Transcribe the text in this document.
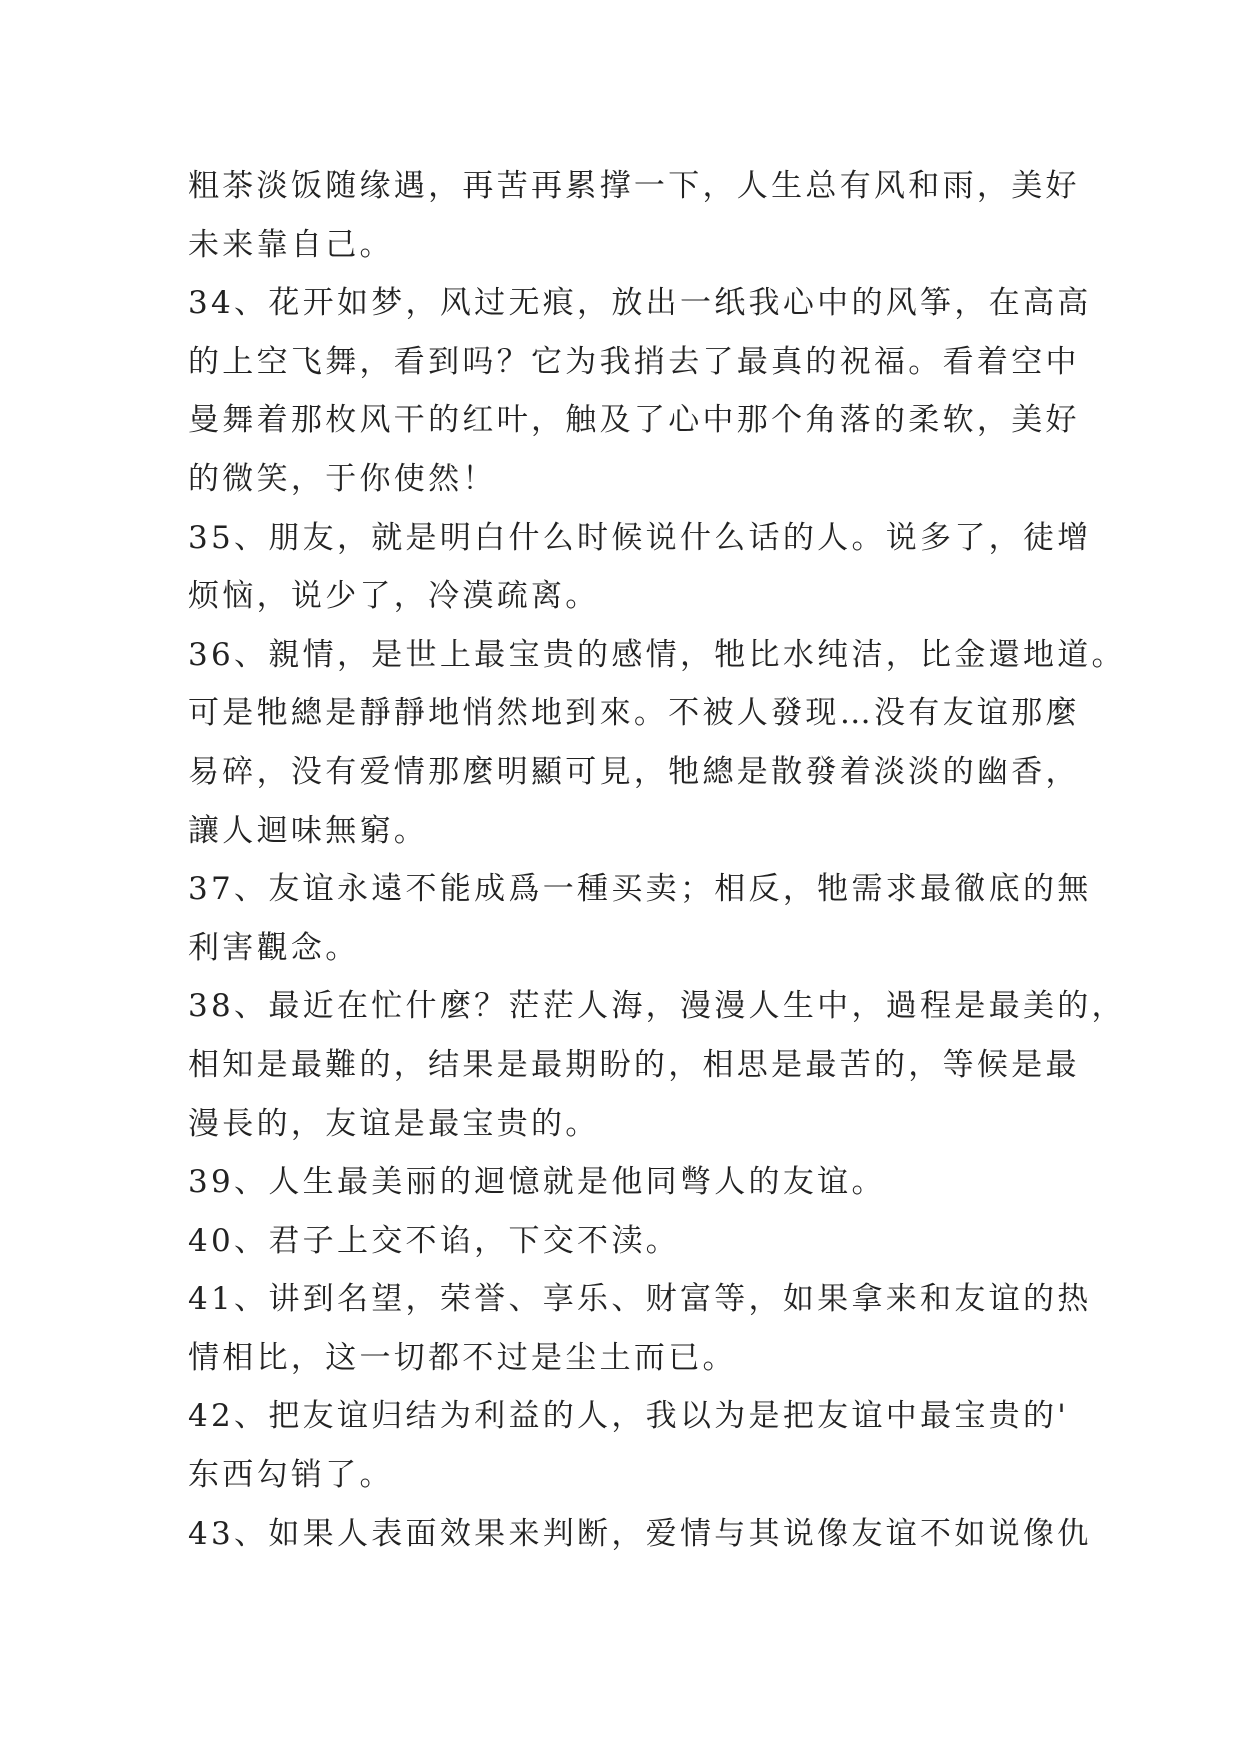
粗茶淡饭随缘遇，再苦再累撑一下，人生总有风和雨，美好
未来靠自己。
34、花开如梦，风过无痕，放出一纸我心中的风筝，在高高
的上空飞舞，看到吗？它为我捎去了最真的祝福。看着空中
曼舞着那枚风干的红叶，触及了心中那个角落的柔软，美好
的微笑，于你使然！
35、朋友，就是明白什么时候说什么话的人。说多了，徒增
烦恼，说少了，冷漠疏离。
36、親情，是世上最宝贵的感情，牠比水纯洁，比金還地道。
可是牠總是靜靜地悄然地到來。不被人發现…没有友谊那麼
易碎，没有爱情那麼明顯可見，牠總是散發着淡淡的幽香，
讓人迴味無窮。
37、友谊永遠不能成爲一種买卖；相反，牠需求最徹底的無
利害觀念。
38、最近在忙什麼？茫茫人海，漫漫人生中，過程是最美的，
相知是最難的，结果是最期盼的，相思是最苦的，等候是最
漫長的，友谊是最宝贵的。
39、人生最美丽的迴憶就是他同彆人的友谊。
40、君子上交不谄，下交不渎。
41、讲到名望，荣誉、享乐、财富等，如果拿来和友谊的热
情相比，这一切都不过是尘土而已。
42、把友谊归结为利益的人，我以为是把友谊中最宝贵的'
东西勾销了。
43、如果人表面效果来判断，爱情与其说像友谊不如说像仇
